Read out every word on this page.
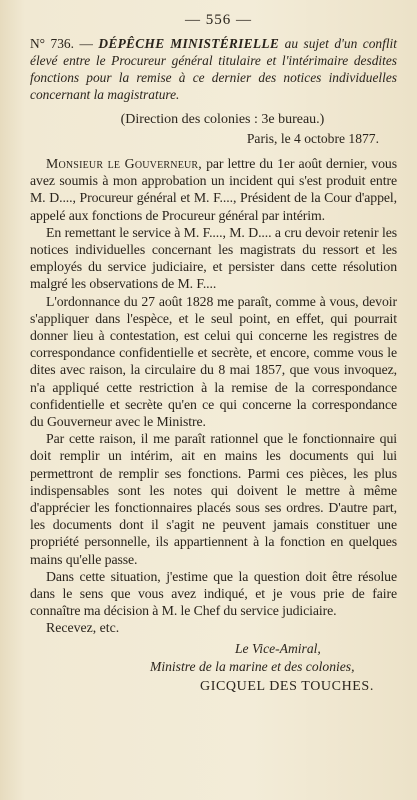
— 556 —

N° 736. — DÉPÊCHE MINISTÉRIELLE au sujet d'un conflit élevé entre le Procureur général titulaire et l'intérimaire desdites fonctions pour la remise à ce dernier des notices individuelles concernant la magistrature.

(Direction des colonies : 3e bureau.)
Paris, le 4 octobre 1877.

Monsieur le Gouverneur, par lettre du 1er août dernier, vous avez soumis à mon approbation un incident qui s'est produit entre M. D...., Procureur général et M. F...., Président de la Cour d'appel, appelé aux fonctions de Procureur général par intérim.

En remettant le service à M. F...., M. D.... a cru devoir retenir les notices individuelles concernant les magistrats du ressort et les employés du service judiciaire, et persister dans cette résolution malgré les observations de M. F....

L'ordonnance du 27 août 1828 me paraît, comme à vous, devoir s'appliquer dans l'espèce, et le seul point, en effet, qui pourrait donner lieu à contestation, est celui qui concerne les registres de correspondance confidentielle et secrète, et encore, comme vous le dites avec raison, la circulaire du 8 mai 1857, que vous invoquez, n'a appliqué cette restriction à la remise de la correspondance confidentielle et secrète qu'en ce qui concerne la correspondance du Gouverneur avec le Ministre.

Par cette raison, il me paraît rationnel que le fonctionnaire qui doit remplir un intérim, ait en mains les documents qui lui permettront de remplir ses fonctions. Parmi ces pièces, les plus indispensables sont les notes qui doivent le mettre à même d'apprécier les fonctionnaires placés sous ses ordres. D'autre part, les documents dont il s'agit ne peuvent jamais constituer une propriété personnelle, ils appartiennent à la fonction en quelques mains qu'elle passe.

Dans cette situation, j'estime que la question doit être résolue dans le sens que vous avez indiqué, et je vous prie de faire connaître ma décision à M. le Chef du service judiciaire.

Recevez, etc.

Le Vice-Amiral,
Ministre de la marine et des colonies,
GICQUEL DES TOUCHES.
